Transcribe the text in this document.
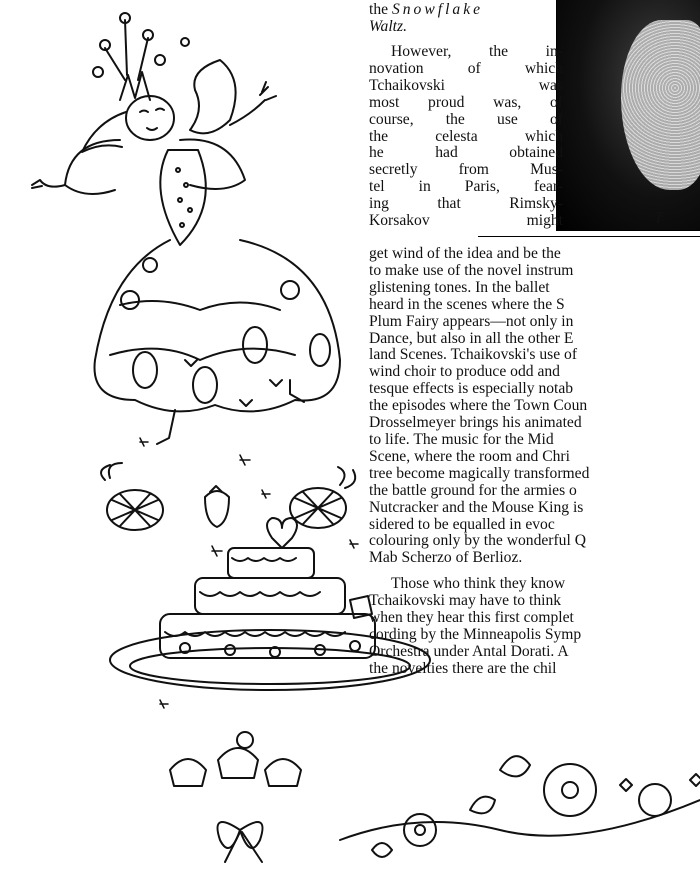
T
the Snowflake
Waltz.
However, the in-
novation of which
Tchaikovski was
most proud was, of
course, the use of
the celesta which
he had obtained
secretly from Mus-
tel in Paris, fear-
ing that Rimsky-
Korsakov might
get wind of the idea and be the
to make use of the novel instrum
glistening tones. In the ballet
heard in the scenes where the S
Plum Fairy appears—not only in
Dance, but also in all the other E
land Scenes. Tchaikovski's use of
wind choir to produce odd and
tesque effects is especially notab
the episodes where the Town Coun
Drosselmeyer brings his animated
to life. The music for the Mid
Scene, where the room and Chri
tree become magically transformed
the battle ground for the armies o
Nutcracker and the Mouse King is
sidered to be equalled in evoc
colouring only by the wonderful Q
Mab Scherzo of Berlioz.
Those who think they know
Tchaikovski may have to think
when they hear this first complet
cording by the Minneapolis Symp
Orchestra under Antal Dorati. A
the novelties there are the chil
